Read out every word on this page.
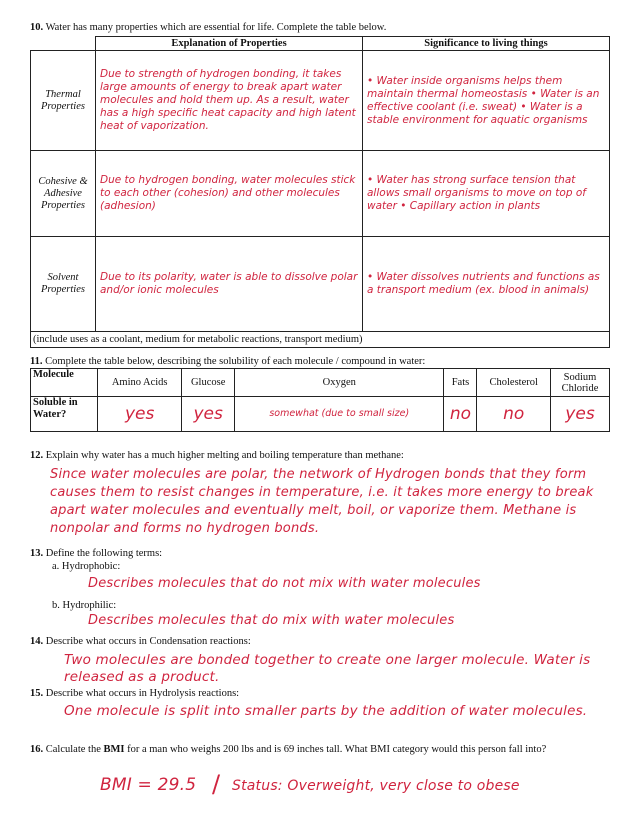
10. Water has many properties which are essential for life. Complete the table below.
	Explanation of Properties	Significance to living things
Thermal Properties	Due to strength of hydrogen bonding, it takes large amounts of energy to break apart water molecules and hold them up. As a result, water has a high specific heat capacity and high latent heat of vaporization.	• Water inside organisms helps them maintain thermal homeostasis • Water is an effective coolant (i.e. sweat) • Water is a stable environment for aquatic organisms

Cohesive & Adhesive Properties	Due to hydrogen bonding, water molecules stick to each other (cohesion) and other molecules (adhesion)	• Water has strong surface tension that allows small organisms to move on top of water • Capillary action in plants

Solvent Properties	Due to its polarity, water is able to dissolve polar and/or ionic molecules	• Water dissolves nutrients and functions as a transport medium (ex. blood in animals)

(include uses as a coolant, medium for metabolic reactions, transport medium)		
11. Complete the table below, describing the solubility of each molecule / compound in water:
Molecule	Amino Acids	Glucose	Oxygen	Fats	Cholesterol	Sodium Chloride
Soluble in Water?	yes	yes	somewhat (due to small size)	no	no	yes
12. Explain why water has a much higher melting and boiling temperature than methane:
Since water molecules are polar, the network of Hydrogen bonds that they form causes them to resist changes in temperature, i.e. it takes more energy to break apart water molecules and eventually melt, boil, or vaporize them. Methane is nonpolar and forms no hydrogen bonds.
13. Define the following terms:
a. Hydrophobic:
Describes molecules that do not mix with water molecules
b. Hydrophilic:
Describes molecules that do mix with water molecules
14. Describe what occurs in Condensation reactions:
Two molecules are bonded together to create one larger molecule. Water is released as a product.
15. Describe what occurs in Hydrolysis reactions:
One molecule is split into smaller parts by the addition of water molecules.
16. Calculate the BMI for a man who weighs 200 lbs and is 69 inches tall. What BMI category would this person fall into?
BMI = 29.5 / Status: Overweight, very close to obese
